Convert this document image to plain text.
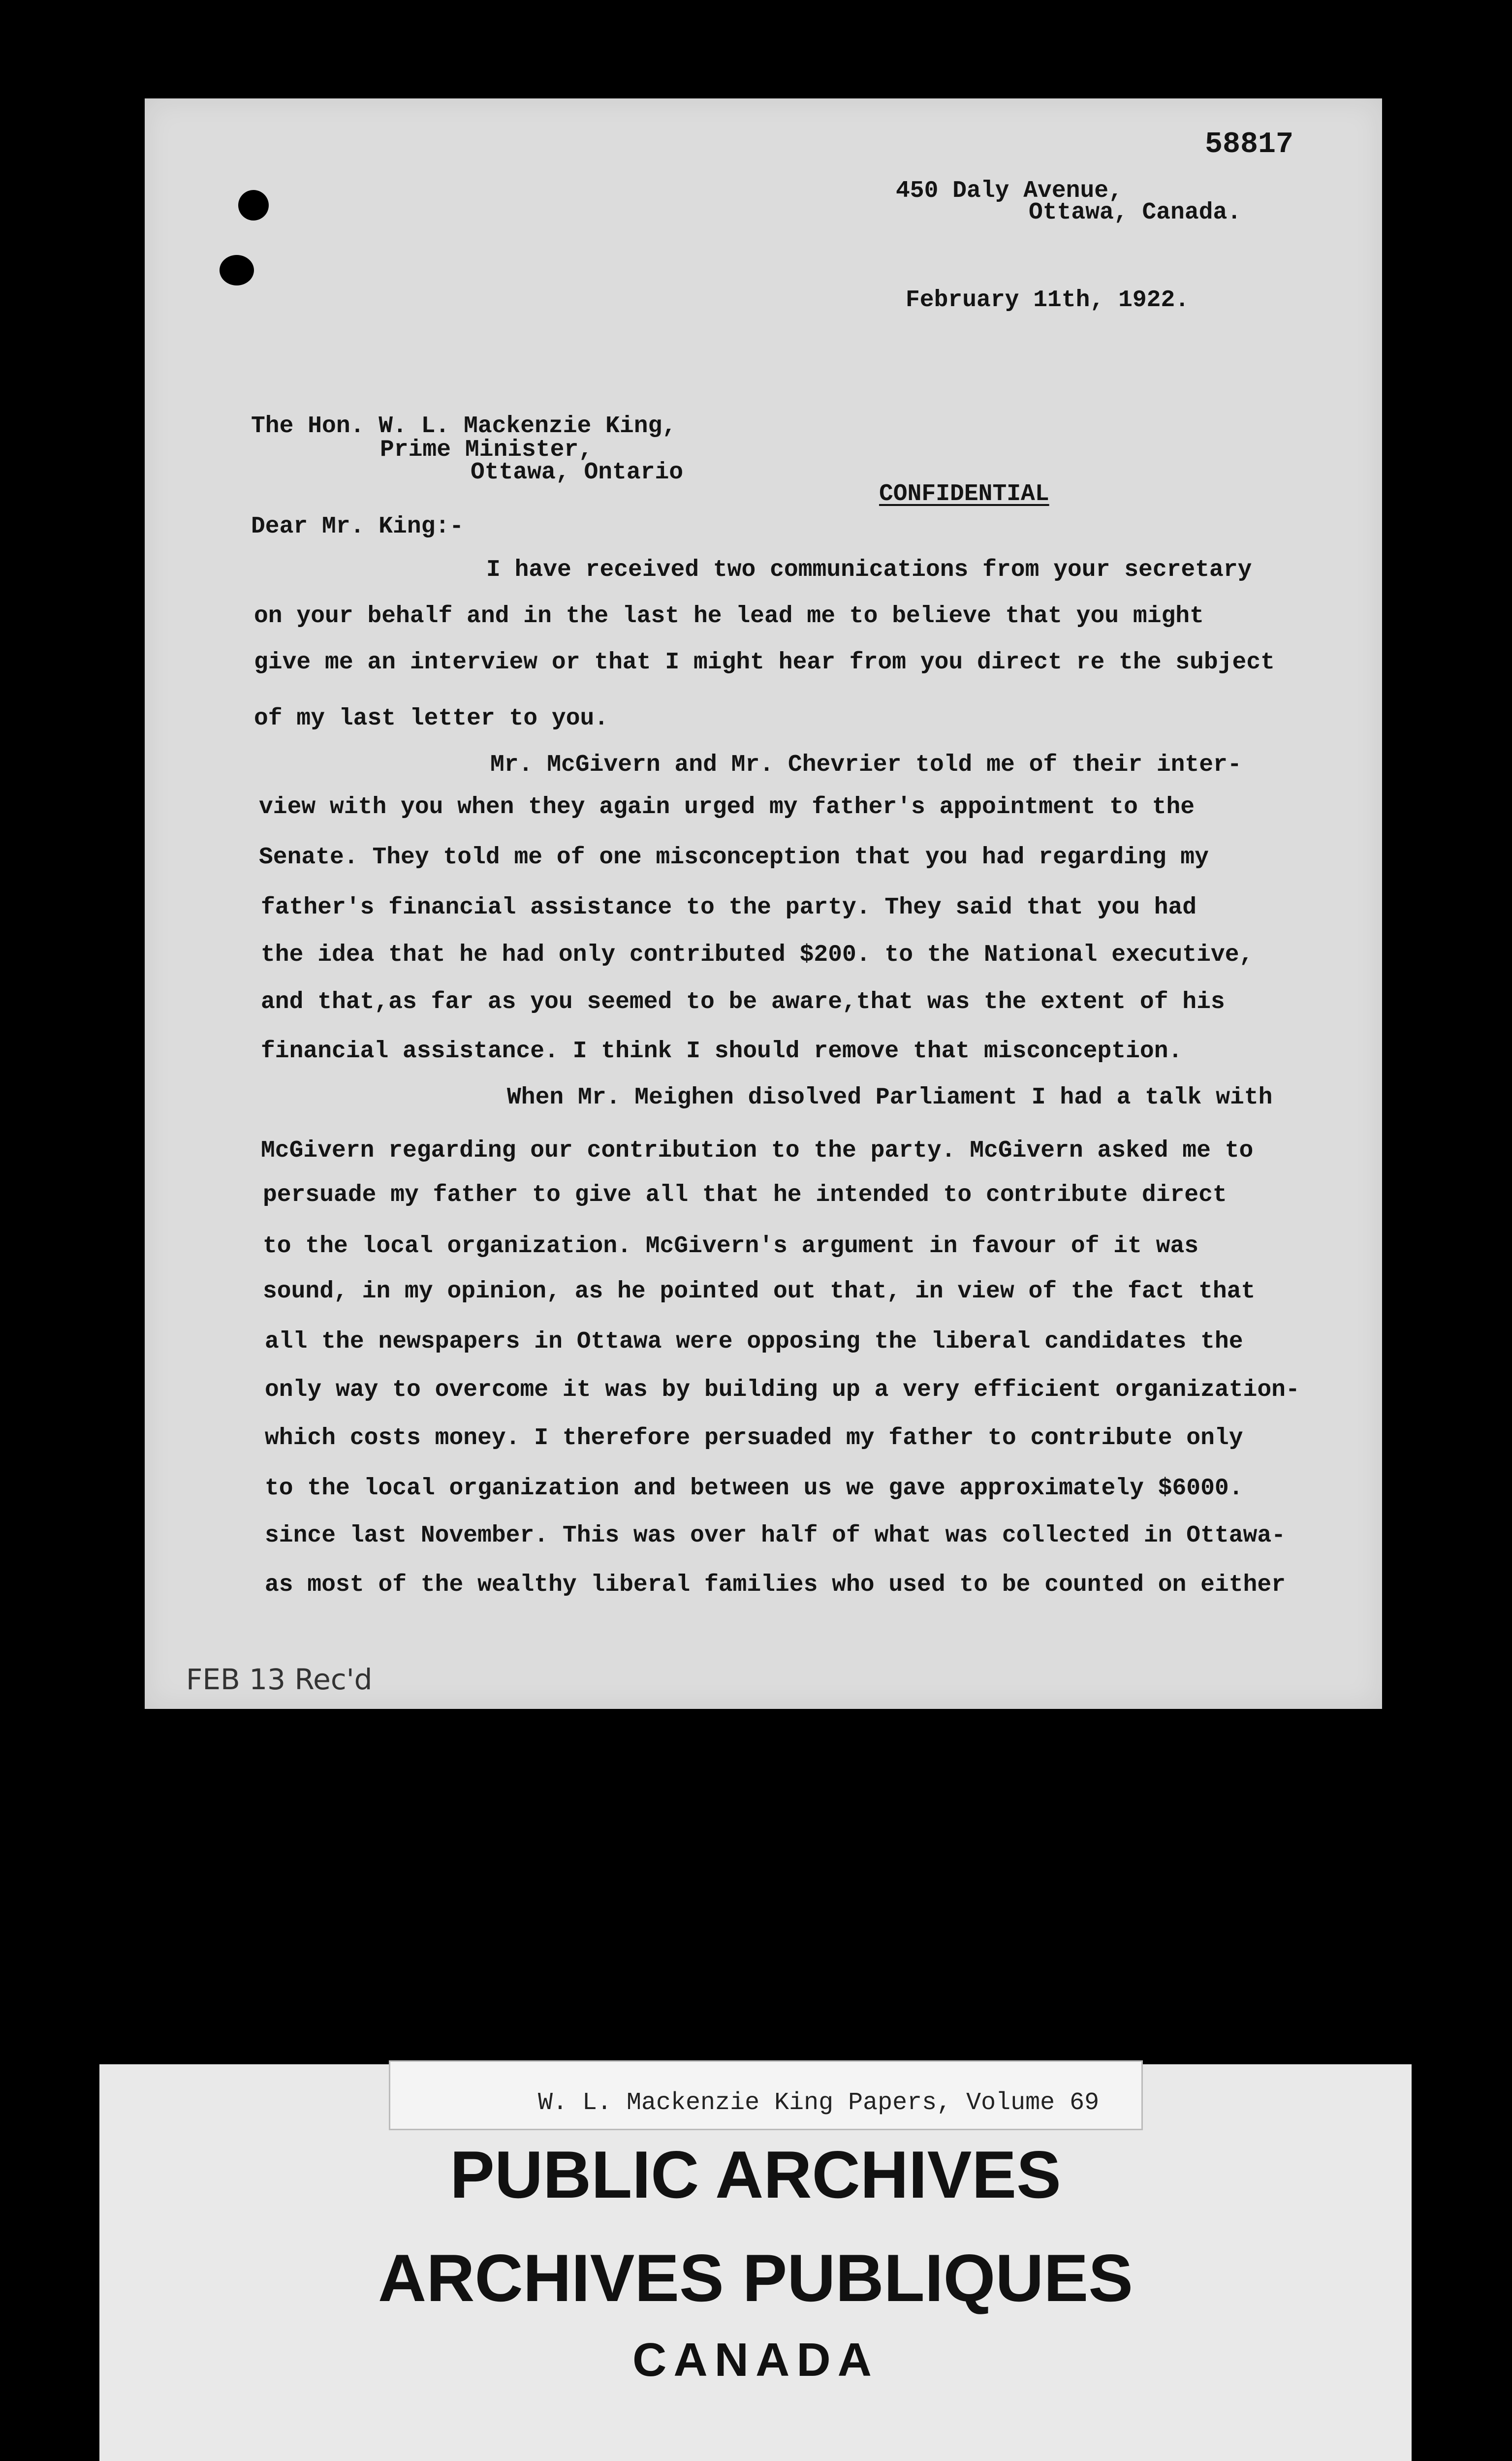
58817
450 Daly Avenue,
Ottawa, Canada.
February 11th, 1922.
The Hon. W. L. Mackenzie King,
Prime Minister,
Ottawa, Ontario
CONFIDENTIAL
Dear Mr. King:-
I have received two communications from your secretary
on your behalf and in the last he lead me to believe that you might
give me an interview or that I might hear from you direct re the subject
of my last letter to you.
Mr. McGivern and Mr. Chevrier told me of their inter-
view with you when they again urged my father's appointment to the
Senate. They told me of one misconception that you had regarding my
father's financial assistance to the party. They said that you had
the idea that he had only contributed $200. to the National executive,
and that,as far as you seemed to be aware,that was the extent of his
financial assistance. I think I should remove that misconception.
When Mr. Meighen disolved Parliament I had a talk with
McGivern regarding our contribution to the party. McGivern asked me to
persuade my father to give all that he intended to contribute direct
to the local organization. McGivern's argument in favour of it was
sound, in my opinion, as he pointed out that, in view of the fact that
all the newspapers in Ottawa were opposing the liberal candidates the
only way to overcome it was by building up a very efficient organization-
which costs money. I therefore persuaded my father to contribute only
to the local organization and between us we gave approximately $6000.
since last November. This was over half of what was collected in Ottawa-
as most of the wealthy liberal families who used to be counted on either
FEB 13 Rec'd
W. L. Mackenzie King Papers, Volume 69
PUBLIC ARCHIVES
ARCHIVES PUBLIQUES
CANADA
